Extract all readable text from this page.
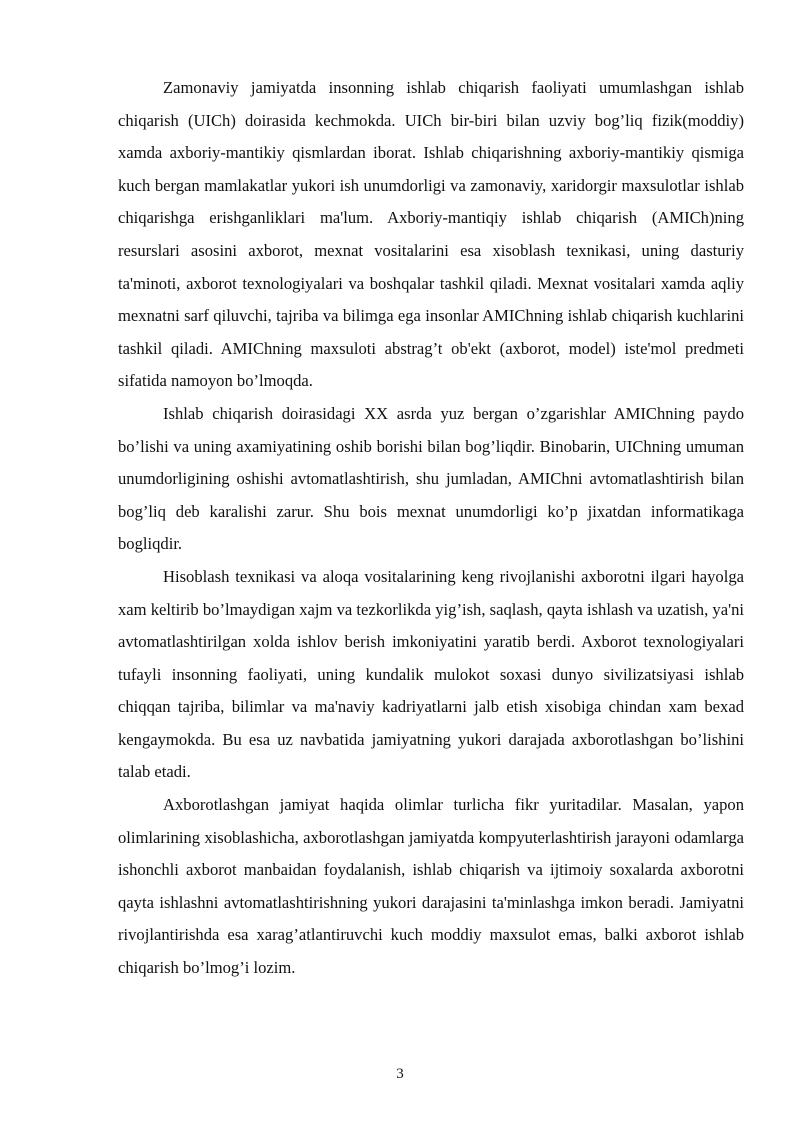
Zamonaviy jamiyatda insonning ishlab chiqarish faoliyati umumlashgan ishlab chiqarish (UICh) doirasida kechmokda. UICh bir-biri bilan uzviy bog’liq fizik(moddiy) xamda axboriy-mantikiy qismlardan iborat. Ishlab chiqarishning axboriy-mantikiy qismiga kuch bergan mamlakatlar yukori ish unumdorligi va zamonaviy, xaridorgir maxsulotlar ishlab chiqarishga erishganliklari ma'lum. Axboriy-mantiqiy ishlab chiqarish (AMICh)ning resurslari asosini axborot, mexnat vositalarini esa xisoblash texnikasi, uning dasturiy ta'minoti, axborot texnologiyalari va boshqalar tashkil qiladi. Mexnat vositalari xamda aqliy mexnatni sarf qiluvchi, tajriba va bilimga ega insonlar AMIChning ishlab chiqarish kuchlarini tashkil qiladi. AMIChning maxsuloti abstrag’t ob'ekt (axborot, model) iste'mol predmeti sifatida namoyon bo’lmoqda.

Ishlab chiqarish doirasidagi XX asrda yuz bergan o’zgarishlar AMIChning paydo bo’lishi va uning axamiyatining oshib borishi bilan bog’liqdir. Binobarin, UIChning umuman unumdorligining oshishi avtomatlashtirish, shu jumladan, AMIChni avtomatlashtirish bilan bog’liq deb karalishi zarur. Shu bois mexnat unumdorligi ko’p jixatdan informatikaga bogliqdir.

Hisoblash texnikasi va aloqa vositalarining keng rivojlanishi axborotni ilgari hayolga xam keltirib bo’lmaydigan xajm va tezkorlikda yig’ish, saqlash, qayta ishlash va uzatish, ya'ni avtomatlashtirilgan xolda ishlov berish imkoniyatini yaratib berdi. Axborot texnologiyalari tufayli insonning faoliyati, uning kundalik mulokot soxasi dunyo sivilizatsiyasi ishlab chiqqan tajriba, bilimlar va ma'naviy kadriyatlarni jalb etish xisobiga chindan xam bexad kengaymokda. Bu esa uz navbatida jamiyatning yukori darajada axborotlashgan bo’lishini talab etadi.

Axborotlashgan jamiyat haqida olimlar turlicha fikr yuritadilar. Masalan, yapon olimlarining xisoblashicha, axborotlashgan jamiyatda kompyuterlashtirish jarayoni odamlarga ishonchli axborot manbaidan foydalanish, ishlab chiqarish va ijtimoiy soxalarda axborotni qayta ishlashni avtomatlashtirishning yukori darajasini ta'minlashga imkon beradi. Jamiyatni rivojlantirishda esa xarag’atlantiruvchi kuch moddiy maxsulot emas, balki axborot ishlab chiqarish bo’lmog’i lozim.

3
